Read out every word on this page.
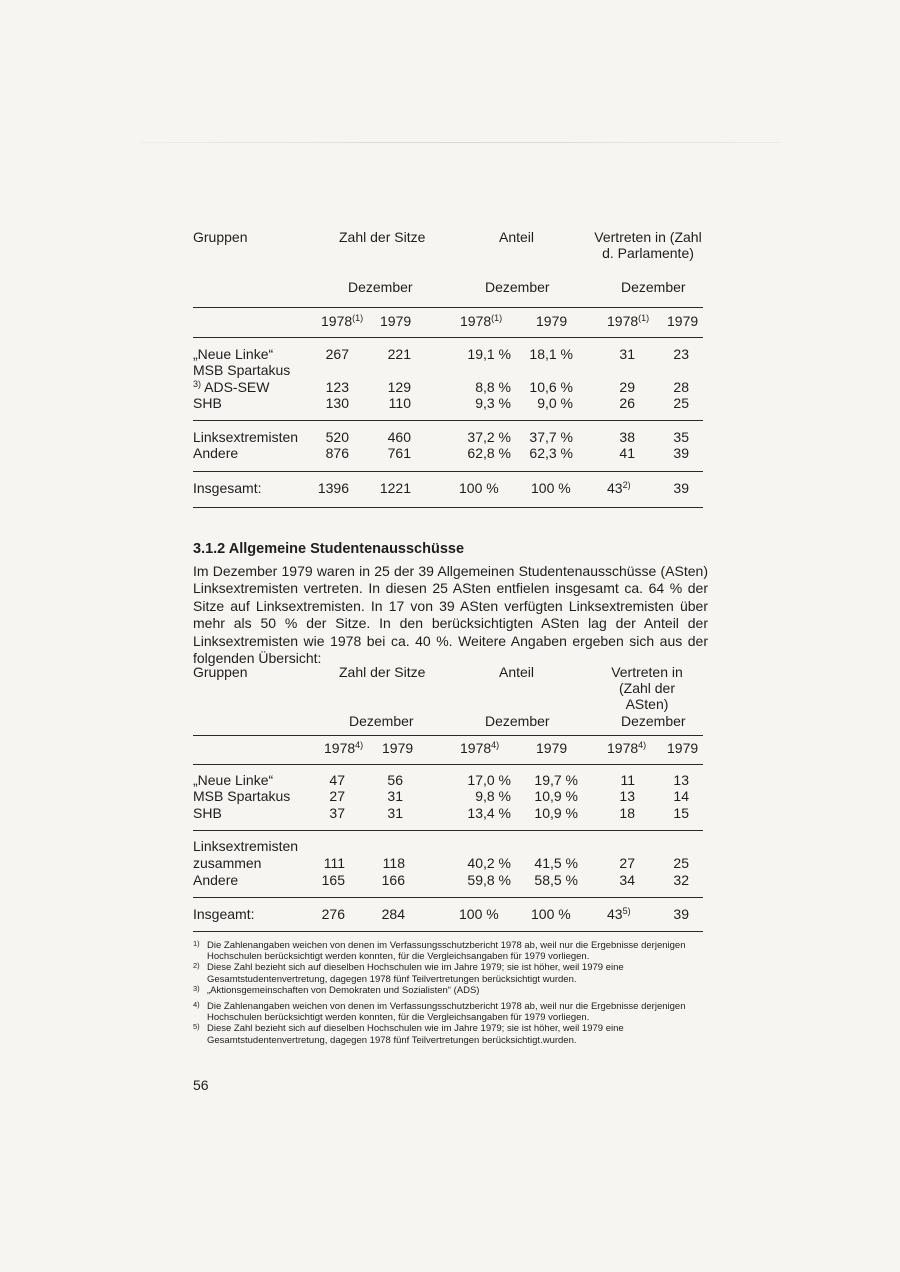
Gruppen	Zahl der Sitze	Anteil	Vertreten in (Zahl d. Parlamente)
Dezember	Dezember	Dezember
1978$^{(1)}$ 1979	1978$^{(1)}$ 1979	1978$^{(1)}$ 1979
„Neue Linke“	267	221	19,1 %	18,1 %	31	23
MSB Spartakus
$^{3)}$ ADS-SEW	123	129	8,8 %	10,6 %	29	28
SHB	130	110	9,3 %	9,0 %	26	25
Linksextremisten	520	460	37,2 %	37,7 %	38	35
Andere	876	761	62,8 %	62,3 %	41	39
Insgesamt:	1396	1221	100 % 100 %	43$^{2)}$	39
3.1.2 Allgemeine Studentenausschüsse

Im Dezember 1979 waren in 25 der 39 Allgemeinen Studentenausschüsse (ASten) Linksextremisten vertreten. In diesen 25 ASten entfielen insgesamt ca. 64 % der Sitze auf Linksextremisten. In 17 von 39 ASten verfügten Linksextremisten über mehr als 50 % der Sitze. In den berücksichtigten ASten lag der Anteil der Linksextremisten wie 1978 bei ca. 40 %. Weitere Angaben ergeben sich aus der folgenden Übersicht:

Gruppen	Zahl der Sitze	Anteil	Vertreten in (Zahl der ASten)
Dezember	Dezember	Dezember
1978$^{4)}$ 1979	1978$^{4)}$	1979	1978$^{4)}$ 1979
„Neue Linke“	47	56	17,0 %	19,7 %	11	13
MSB Spartakus	27	31	9,8 %	10,9 %	13	14
SHB	37	31	13,4 %	10,9 %	18	15
Linksextremisten
zusammen	111	118	40,2 %	41,5 %	27	25
Andere	165	166	59,8 %	58,5 %	34	32
Insgeamt:	276	284	100 % 100 %	43$^{5)}$	39

1) Die Zahlenangaben weichen von denen im Verfassungsschutzbericht 1978 ab, weil nur die Ergebnisse derjenigen Hochschulen berücksichtigt werden konnten, für die Vergleichsangaben für 1979 vorliegen.

2) Diese Zahl bezieht sich auf dieselben Hochschulen wie im Jahre 1979; sie ist höher, weil 1979 eine Gesamtstudentenvertretung, dagegen 1978 fünf Teilvertretungen berücksichtigt wurden.

3) „Aktionsgemeinschaften von Demokraten und Sozialisten“ (ADS)

4) Die Zahlenangaben weichen von denen im Verfassungsschutzbericht 1978 ab, weil nur die Ergebnisse derjenigen Hochschulen berücksichtigt werden konnten, für die Vergleichsangaben für 1979 vorliegen.

5) Diese Zahl bezieht sich auf dieselben Hochschulen wie im Jahre 1979; sie ist höher, weil 1979 eine Gesamtstudentenvertretung, dagegen 1978 fünf Teilvertretungen berücksichtigt.wurden.

56
